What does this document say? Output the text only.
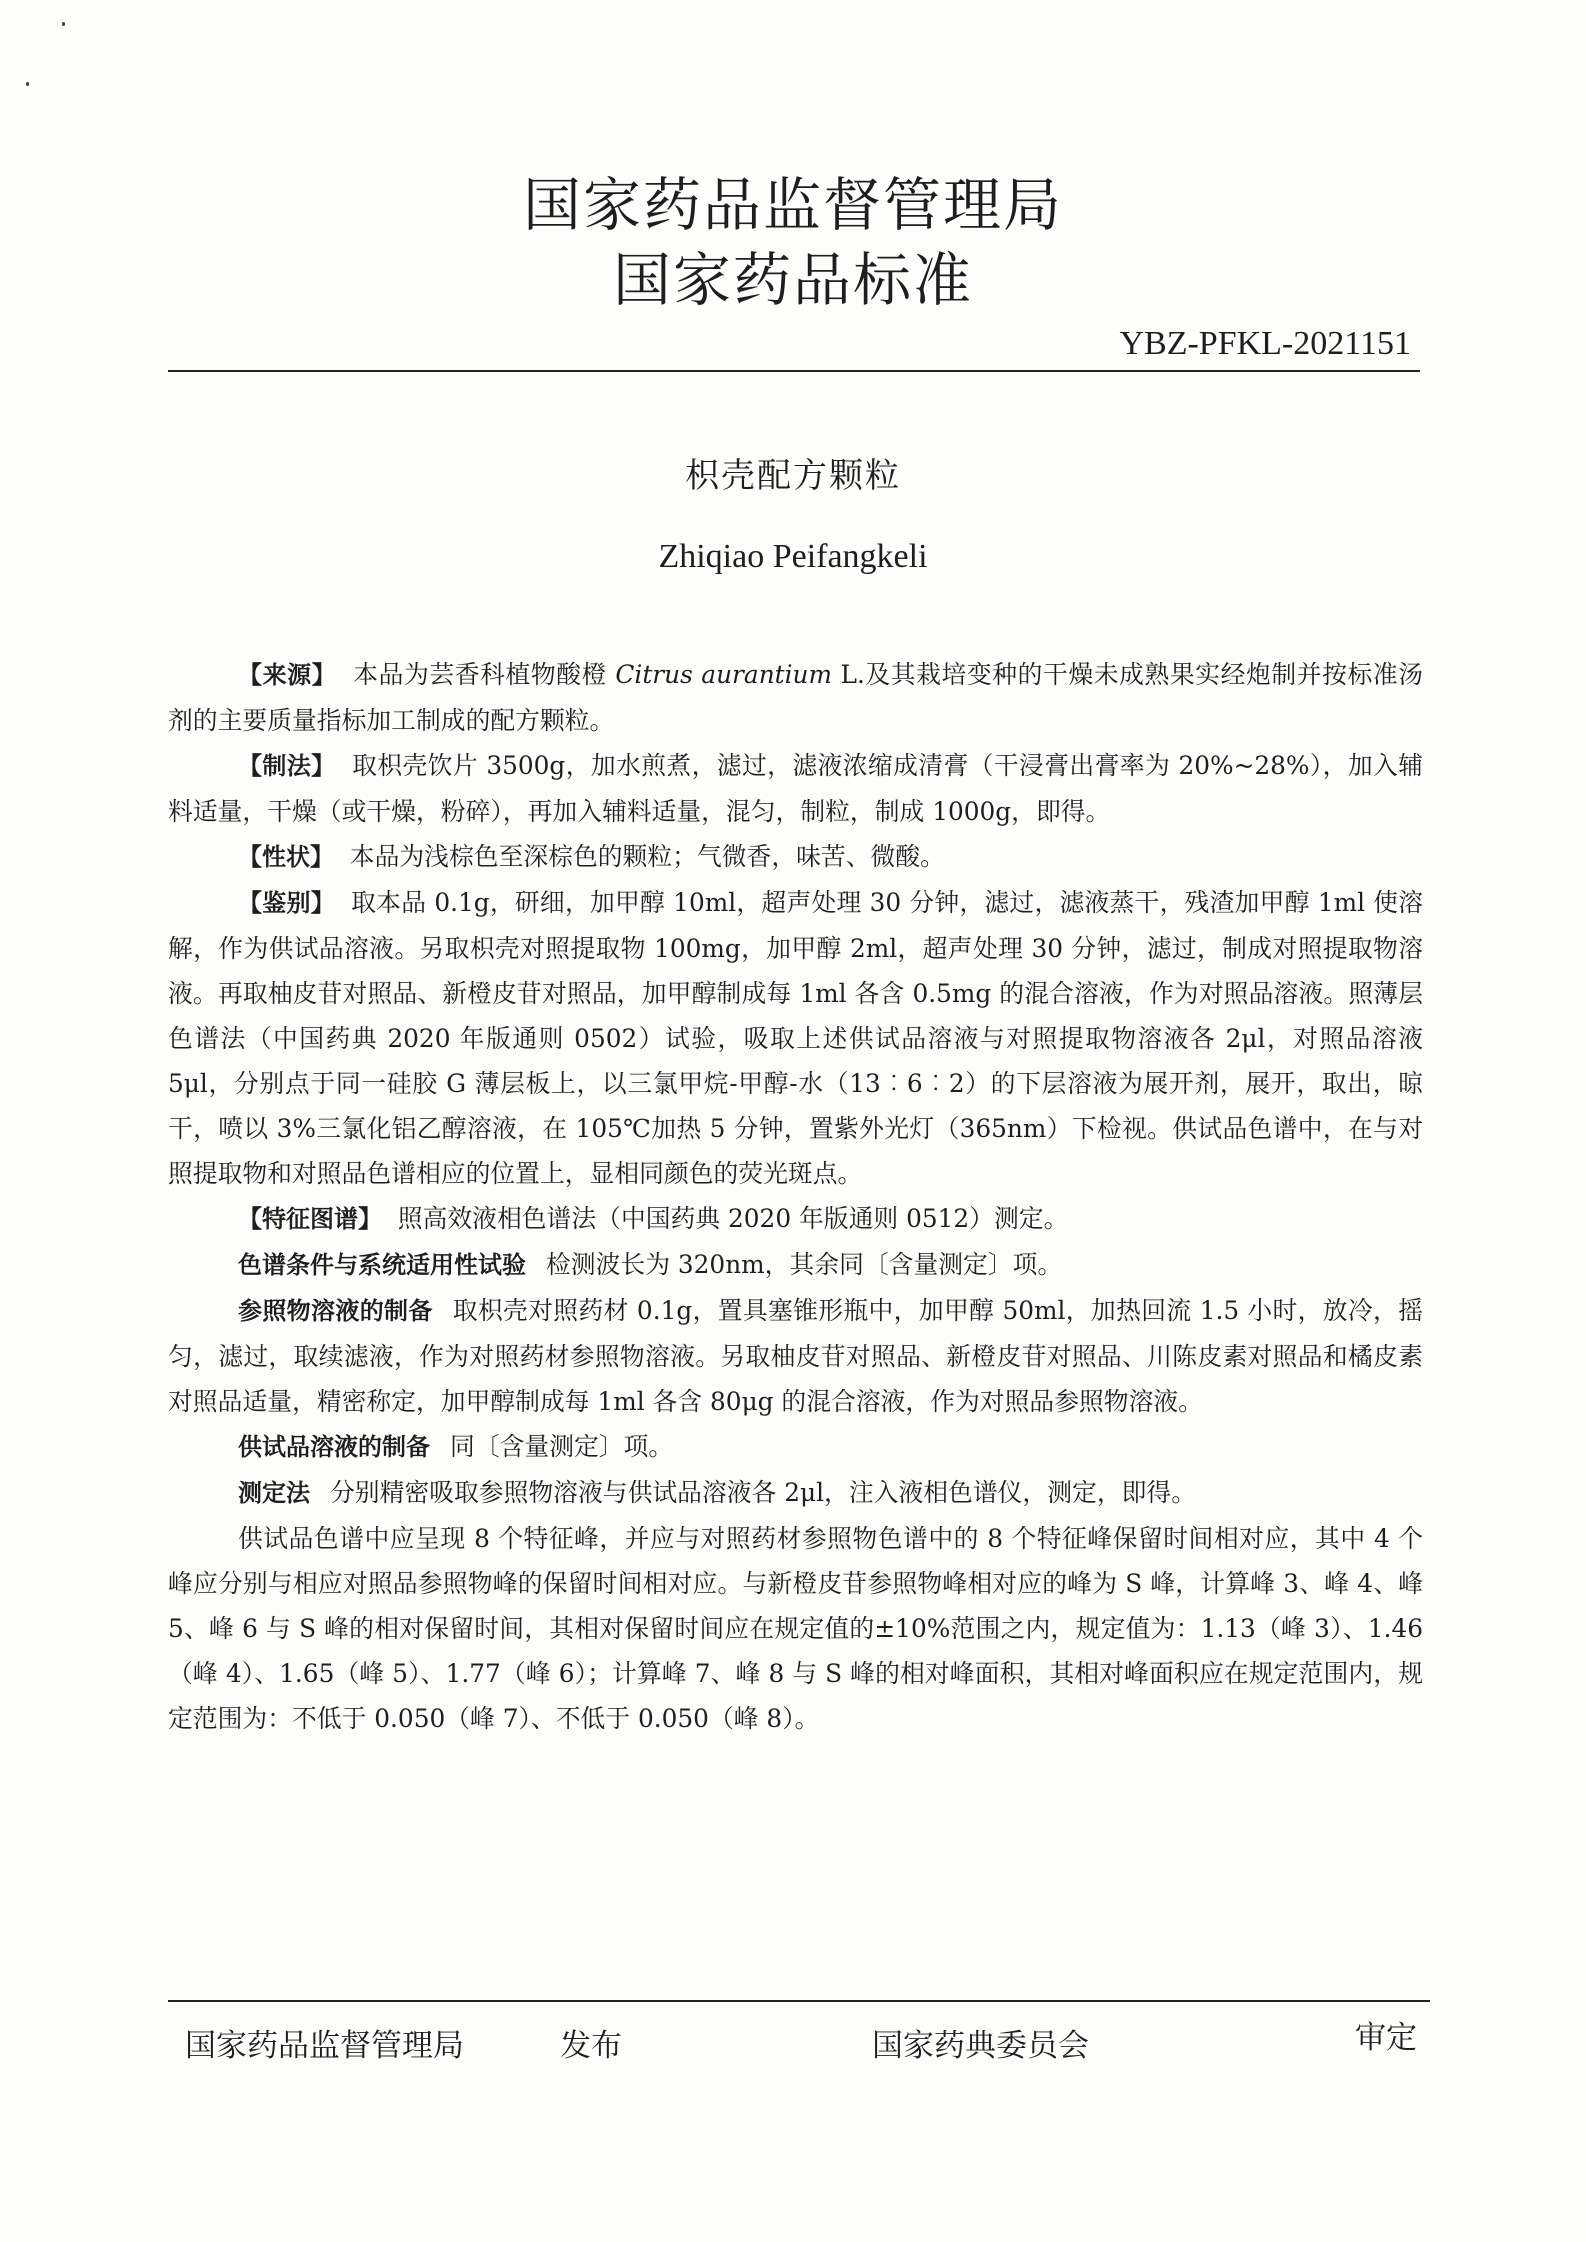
国家药品监督管理局
国家药品标准
YBZ-PFKL-2021151
枳壳配方颗粒
Zhiqiao Peifangkeli

【来源】 本品为芸香科植物酸橙 Citrus aurantium L.及其栽培变种的干燥未成熟果实经炮制并按标准汤剂的主要质量指标加工制成的配方颗粒。

【制法】 取枳壳饮片 3500g，加水煎煮，滤过，滤液浓缩成清膏（干浸膏出膏率为 20%~28%），加入辅料适量，干燥（或干燥，粉碎），再加入辅料适量，混匀，制粒，制成 1000g，即得。

【性状】 本品为浅棕色至深棕色的颗粒；气微香，味苦、微酸。

【鉴别】 取本品 0.1g，研细，加甲醇 10ml，超声处理 30 分钟，滤过，滤液蒸干，残渣加甲醇 1ml 使溶解，作为供试品溶液。另取枳壳对照提取物 100mg，加甲醇 2ml，超声处理 30 分钟，滤过，制成对照提取物溶液。再取柚皮苷对照品、新橙皮苷对照品，加甲醇制成每 1ml 各含 0.5mg 的混合溶液，作为对照品溶液。照薄层色谱法（中国药典 2020 年版通则 0502）试验，吸取上述供试品溶液与对照提取物溶液各 2μl，对照品溶液 5μl，分别点于同一硅胶 G 薄层板上，以三氯甲烷-甲醇-水（13︰6︰2）的下层溶液为展开剂，展开，取出，晾干，喷以 3%三氯化铝乙醇溶液，在 105℃加热 5 分钟，置紫外光灯（365nm）下检视。供试品色谱中，在与对照提取物和对照品色谱相应的位置上，显相同颜色的荧光斑点。

【特征图谱】 照高效液相色谱法（中国药典 2020 年版通则 0512）测定。

色谱条件与系统适用性试验 检测波长为 320nm，其余同〔含量测定〕项。

参照物溶液的制备 取枳壳对照药材 0.1g，置具塞锥形瓶中，加甲醇 50ml，加热回流 1.5 小时，放冷，摇匀，滤过，取续滤液，作为对照药材参照物溶液。另取柚皮苷对照品、新橙皮苷对照品、川陈皮素对照品和橘皮素对照品适量，精密称定，加甲醇制成每 1ml 各含 80μg 的混合溶液，作为对照品参照物溶液。

供试品溶液的制备 同〔含量测定〕项。

测定法 分别精密吸取参照物溶液与供试品溶液各 2μl，注入液相色谱仪，测定，即得。

供试品色谱中应呈现 8 个特征峰，并应与对照药材参照物色谱中的 8 个特征峰保留时间相对应，其中 4 个峰应分别与相应对照品参照物峰的保留时间相对应。与新橙皮苷参照物峰相对应的峰为 S 峰，计算峰 3、峰 4、峰 5、峰 6 与 S 峰的相对保留时间，其相对保留时间应在规定值的±10%范围之内，规定值为：1.13（峰 3）、1.46（峰 4）、1.65（峰 5）、1.77（峰 6）；计算峰 7、峰 8 与 S 峰的相对峰面积，其相对峰面积应在规定范围内，规定范围为：不低于 0.050（峰 7）、不低于 0.050（峰 8）。

国家药品监督管理局	发布	国家药典委员会	审定
